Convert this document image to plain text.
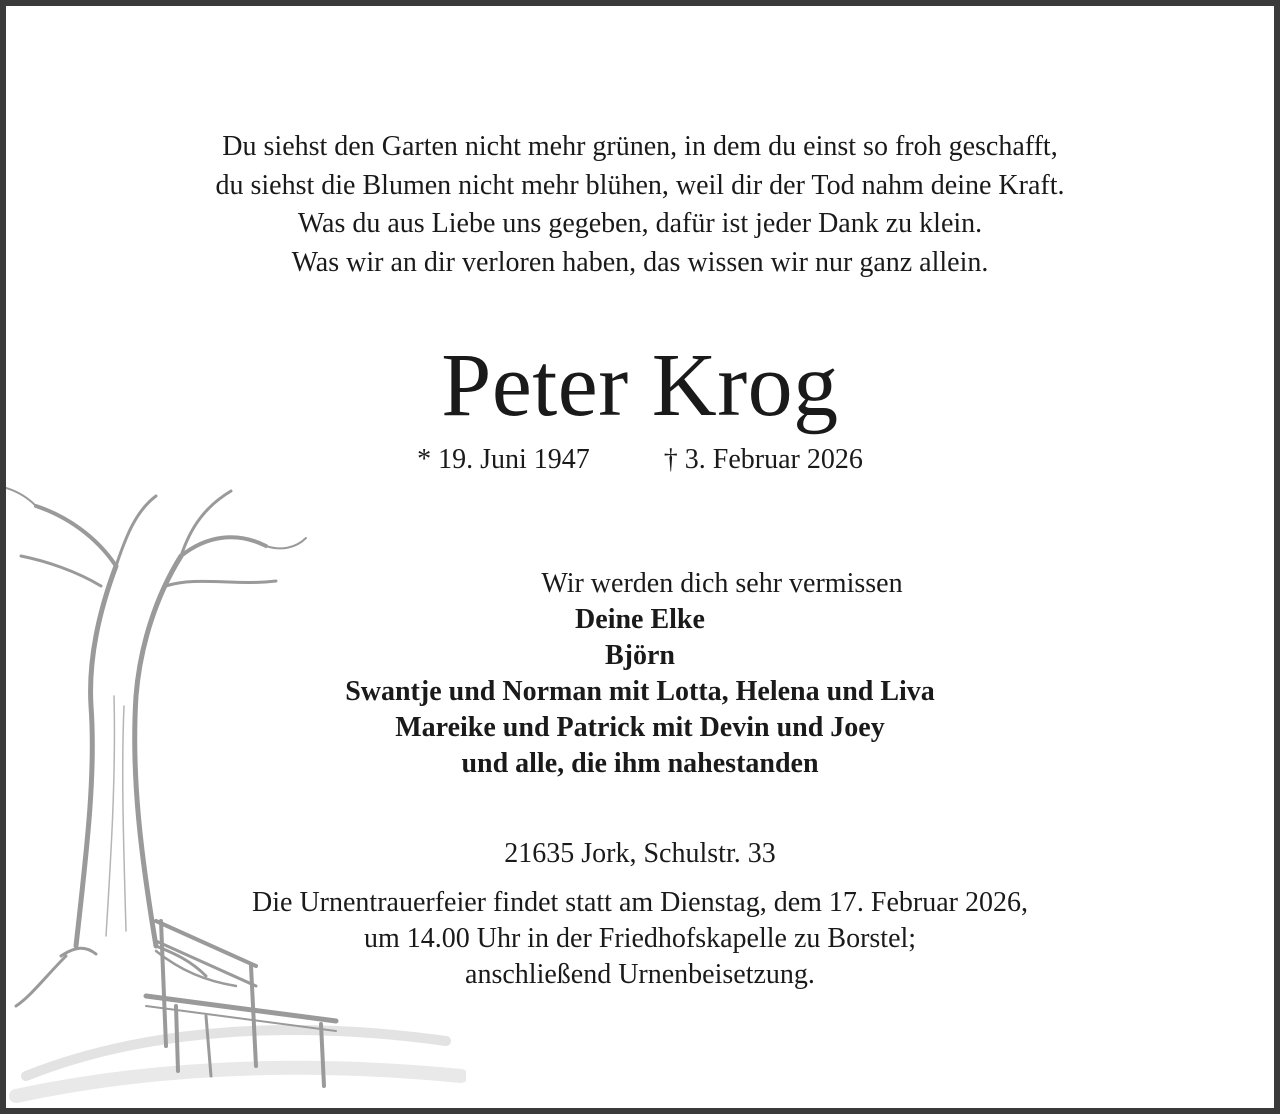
Du siehst den Garten nicht mehr grünen, in dem du einst so froh geschafft,
du siehst die Blumen nicht mehr blühen, weil dir der Tod nahm deine Kraft.
Was du aus Liebe uns gegeben, dafür ist jeder Dank zu klein.
Was wir an dir verloren haben, das wissen wir nur ganz allein.
Peter Krog
* 19. Juni 1947	† 3. Februar 2026
Wir werden dich sehr vermissen
Deine Elke
Björn
Swantje und Norman mit Lotta, Helena und Liva
Mareike und Patrick mit Devin und Joey
und alle, die ihm nahestanden
21635 Jork, Schulstr. 33
Die Urnentrauerfeier findet statt am Dienstag, dem 17. Februar 2026,
um 14.00 Uhr in der Friedhofskapelle zu Borstel;
anschließend Urnenbeisetzung.
